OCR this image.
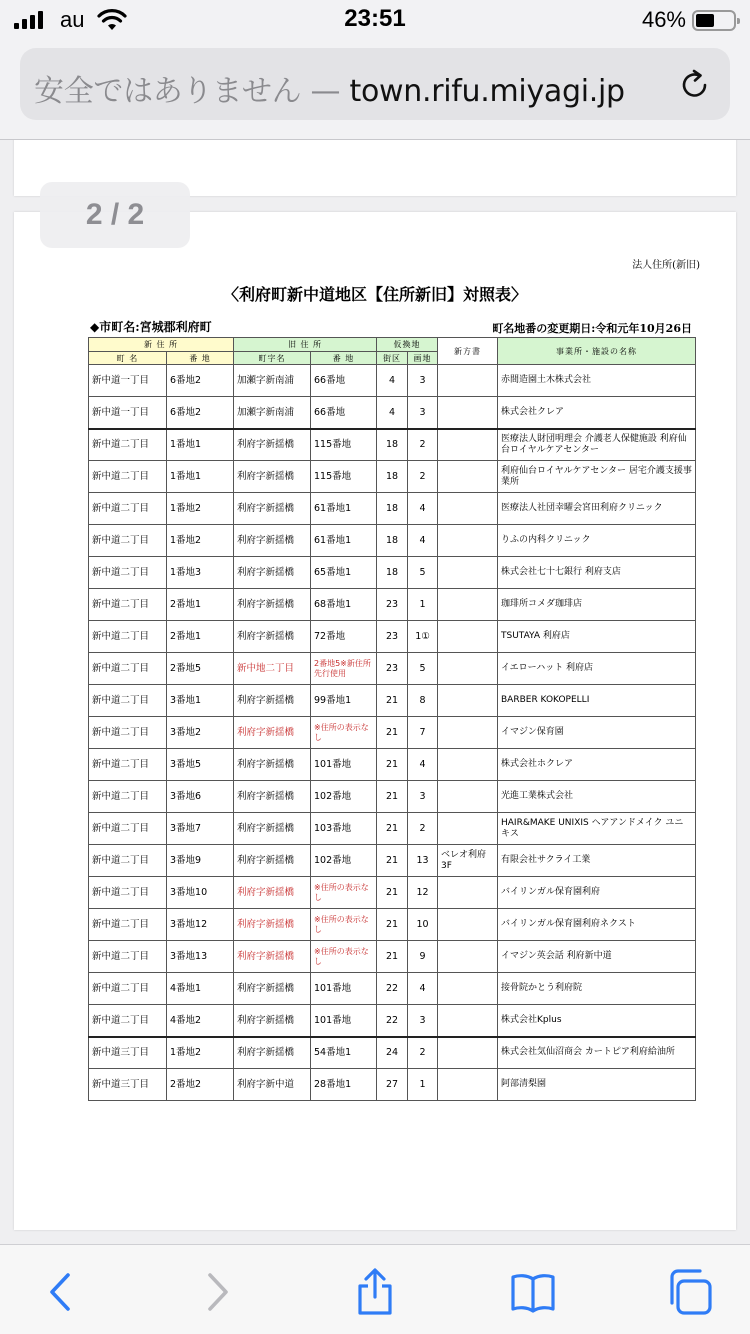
au	23:51	46%
安全ではありません — town.rifu.miyagi.jp
法人住所(新旧)
〈利府町新中道地区【住所新旧】対照表〉
◆市町名:宮城郡利府町	町名地番の変更期日:令和元年10月26日
新 住 所		旧 住 所		仮換地		新方書	事業所・施設の名称
町 名	番 地	町字名	番 地	街区	画地		
新中道一丁目	6番地2	加瀬字新南浦	66番地	4	3		赤間造園土木株式会社
新中道一丁目	6番地2	加瀬字新南浦	66番地	4	3		株式会社クレア
新中道二丁目	1番地1	利府字新揺橋	115番地	18	2		医療法人財団明理会 介護老人保健施設 利府仙台ロイヤルケアセンター
新中道二丁目	1番地1	利府字新揺橋	115番地	18	2		利府仙台ロイヤルケアセンター 居宅介護支援事業所
新中道二丁目	1番地2	利府字新揺橋	61番地1	18	4		医療法人社団幸曜会宮田利府クリニック
新中道二丁目	1番地2	利府字新揺橋	61番地1	18	4		りふの内科クリニック
新中道二丁目	1番地3	利府字新揺橋	65番地1	18	5		株式会社七十七銀行 利府支店
新中道二丁目	2番地1	利府字新揺橋	68番地1	23	1		珈琲所コメダ珈琲店
新中道二丁目	2番地1	利府字新揺橋	72番地	23	1①		TSUTAYA 利府店
新中道二丁目	2番地5	新中地二丁目	2番地5※新住所先行使用	23	5		イエローハット 利府店
新中道二丁目	3番地1	利府字新揺橋	99番地1	21	8		BARBER KOKOPELLI
新中道二丁目	3番地2	利府字新揺橋	※住所の表示なし	21	7		イマジン保育園
新中道二丁目	3番地5	利府字新揺橋	101番地	21	4		株式会社ホクレア
新中道二丁目	3番地6	利府字新揺橋	102番地	21	3		光進工業株式会社
新中道二丁目	3番地7	利府字新揺橋	103番地	21	2		HAIR&MAKE UNIXIS ヘアアンドメイク ユニキス
新中道二丁目	3番地9	利府字新揺橋	102番地	21	13	ベレオ利府3F	有限会社サクライ工業
新中道二丁目	3番地10	利府字新揺橋	※住所の表示なし	21	12		バイリンガル保育園利府
新中道二丁目	3番地12	利府字新揺橋	※住所の表示なし	21	10		バイリンガル保育園利府ネクスト
新中道二丁目	3番地13	利府字新揺橋	※住所の表示なし	21	9		イマジン英会話 利府新中道
新中道二丁目	4番地1	利府字新揺橋	101番地	22	4		接骨院かとう利府院
新中道二丁目	4番地2	利府字新揺橋	101番地	22	3		株式会社Kplus
新中道三丁目	1番地2	利府字新揺橋	54番地1	24	2		株式会社気仙沼商会 カートピア利府給油所
新中道三丁目	2番地2	利府字新中道	28番地1	27	1		阿部清梨園
2 / 2
